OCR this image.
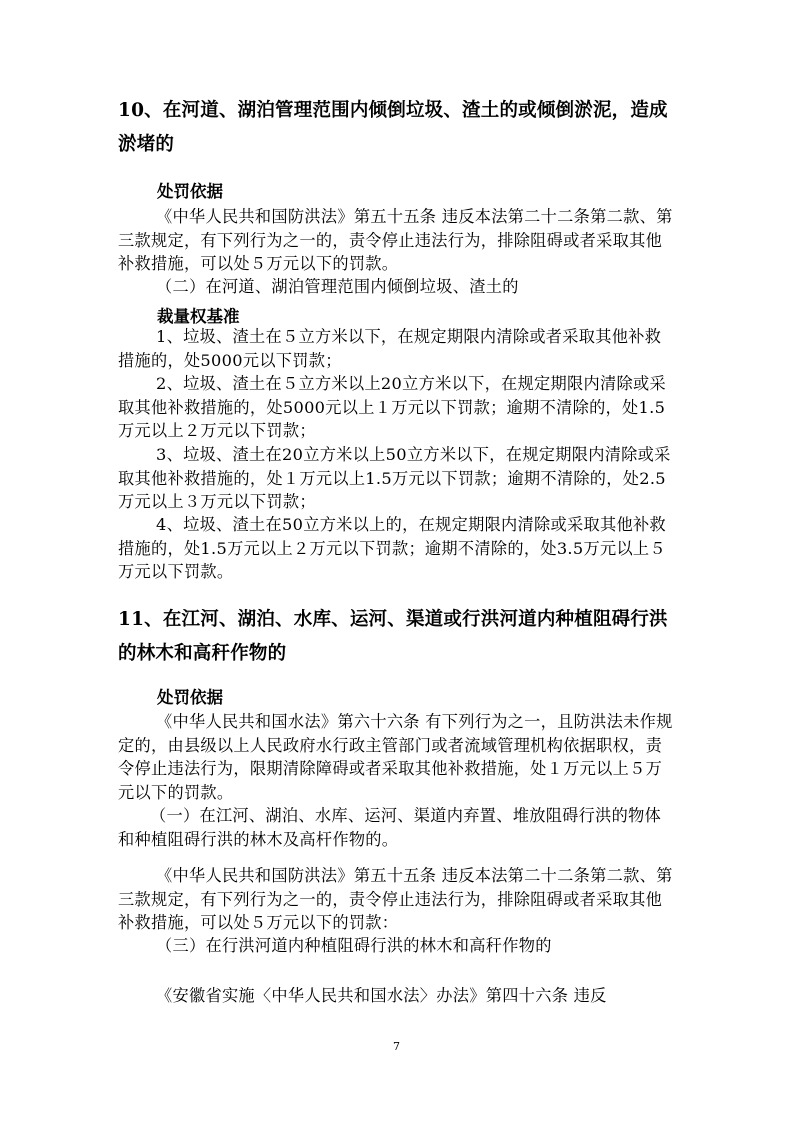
10、在河道、湖泊管理范围内倾倒垃圾、渣土的或倾倒淤泥，造成淤堵的
处罚依据
《中华人民共和国防洪法》第五十五条 违反本法第二十二条第二款、第三款规定，有下列行为之一的，责令停止违法行为，排除阻碍或者采取其他补救措施，可以处５万元以下的罚款。
（二）在河道、湖泊管理范围内倾倒垃圾、渣土的
裁量权基准
1、垃圾、渣土在５立方米以下，在规定期限内清除或者采取其他补救措施的，处5000元以下罚款；
2、垃圾、渣土在５立方米以上20立方米以下，在规定期限内清除或采取其他补救措施的，处5000元以上１万元以下罚款；逾期不清除的，处1.5万元以上２万元以下罚款；
3、垃圾、渣土在20立方米以上50立方米以下，在规定期限内清除或采取其他补救措施的，处１万元以上1.5万元以下罚款；逾期不清除的，处2.5万元以上３万元以下罚款；
4、垃圾、渣土在50立方米以上的，在规定期限内清除或采取其他补救措施的，处1.5万元以上２万元以下罚款；逾期不清除的，处3.5万元以上５万元以下罚款。
11、在江河、湖泊、水库、运河、渠道或行洪河道内种植阻碍行洪的林木和高秆作物的
处罚依据
《中华人民共和国水法》第六十六条 有下列行为之一，且防洪法未作规定的，由县级以上人民政府水行政主管部门或者流域管理机构依据职权，责令停止违法行为，限期清除障碍或者采取其他补救措施，处１万元以上５万元以下的罚款。
（一）在江河、湖泊、水库、运河、渠道内弃置、堆放阻碍行洪的物体和种植阻碍行洪的林木及高杆作物的。
《中华人民共和国防洪法》第五十五条 违反本法第二十二条第二款、第三款规定，有下列行为之一的，责令停止违法行为，排除阻碍或者采取其他补救措施，可以处５万元以下的罚款：
（三）在行洪河道内种植阻碍行洪的林木和高秆作物的
《安徽省实施〈中华人民共和国水法〉办法》第四十六条 违反
7
